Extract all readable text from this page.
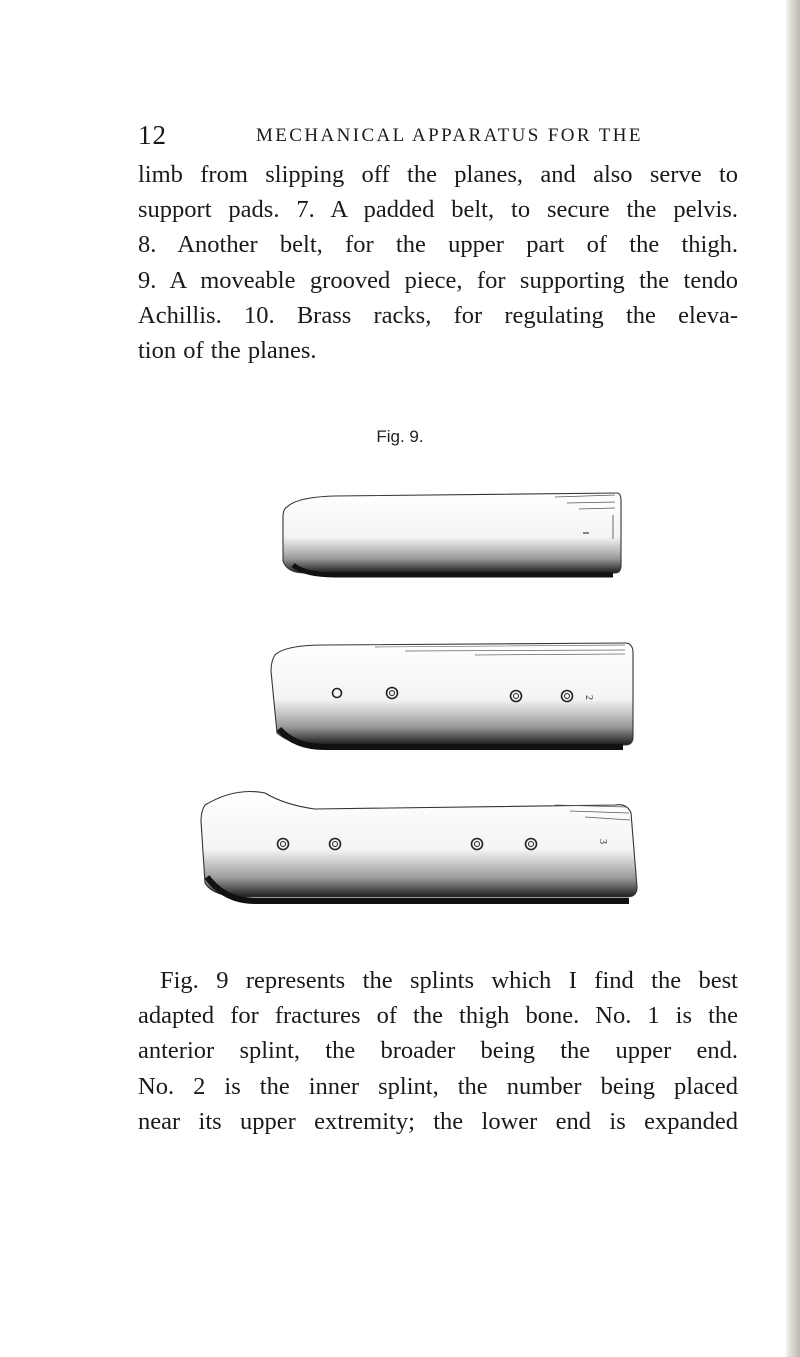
12	MECHANICAL APPARATUS FOR THE
limb from slipping off the planes, and also serve to
support pads. 7. A padded belt, to secure the pelvis.
8. Another belt, for the upper part of the thigh.
9. A moveable grooved piece, for supporting the tendo
Achillis. 10. Brass racks, for regulating the eleva-
tion of the planes.
Fig. 9.
2
3
Fig. 9 represents the splints which I find the best
adapted for fractures of the thigh bone. No. 1 is the
anterior splint, the broader being the upper end.
No. 2 is the inner splint, the number being placed
near its upper extremity; the lower end is expanded
